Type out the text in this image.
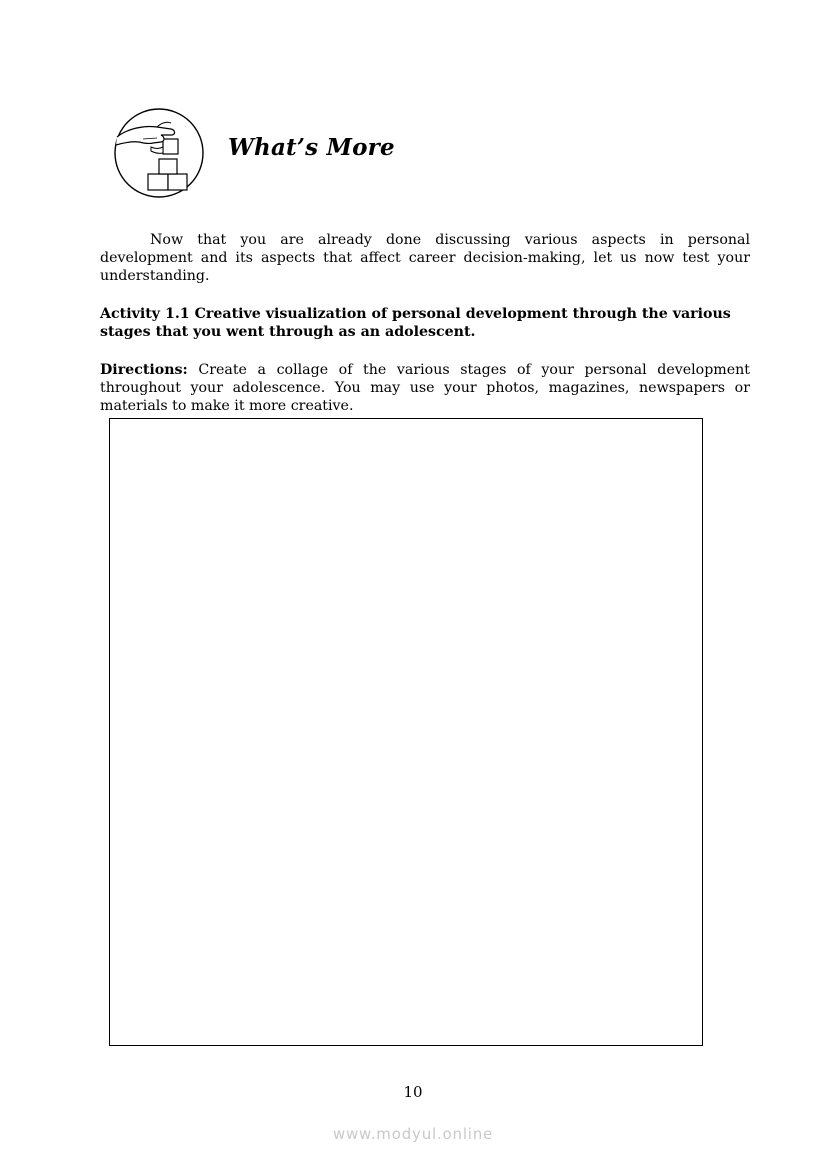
What’s More

Now that you are already done discussing various aspects in personal development and its aspects that affect career decision-making, let us now test your understanding.

Activity 1.1 Creative visualization of personal development through the various stages that you went through as an adolescent.

Directions: Create a collage of the various stages of your personal development throughout your adolescence. You may use your photos, magazines, newspapers or materials to make it more creative.

10
www.modyul.online
